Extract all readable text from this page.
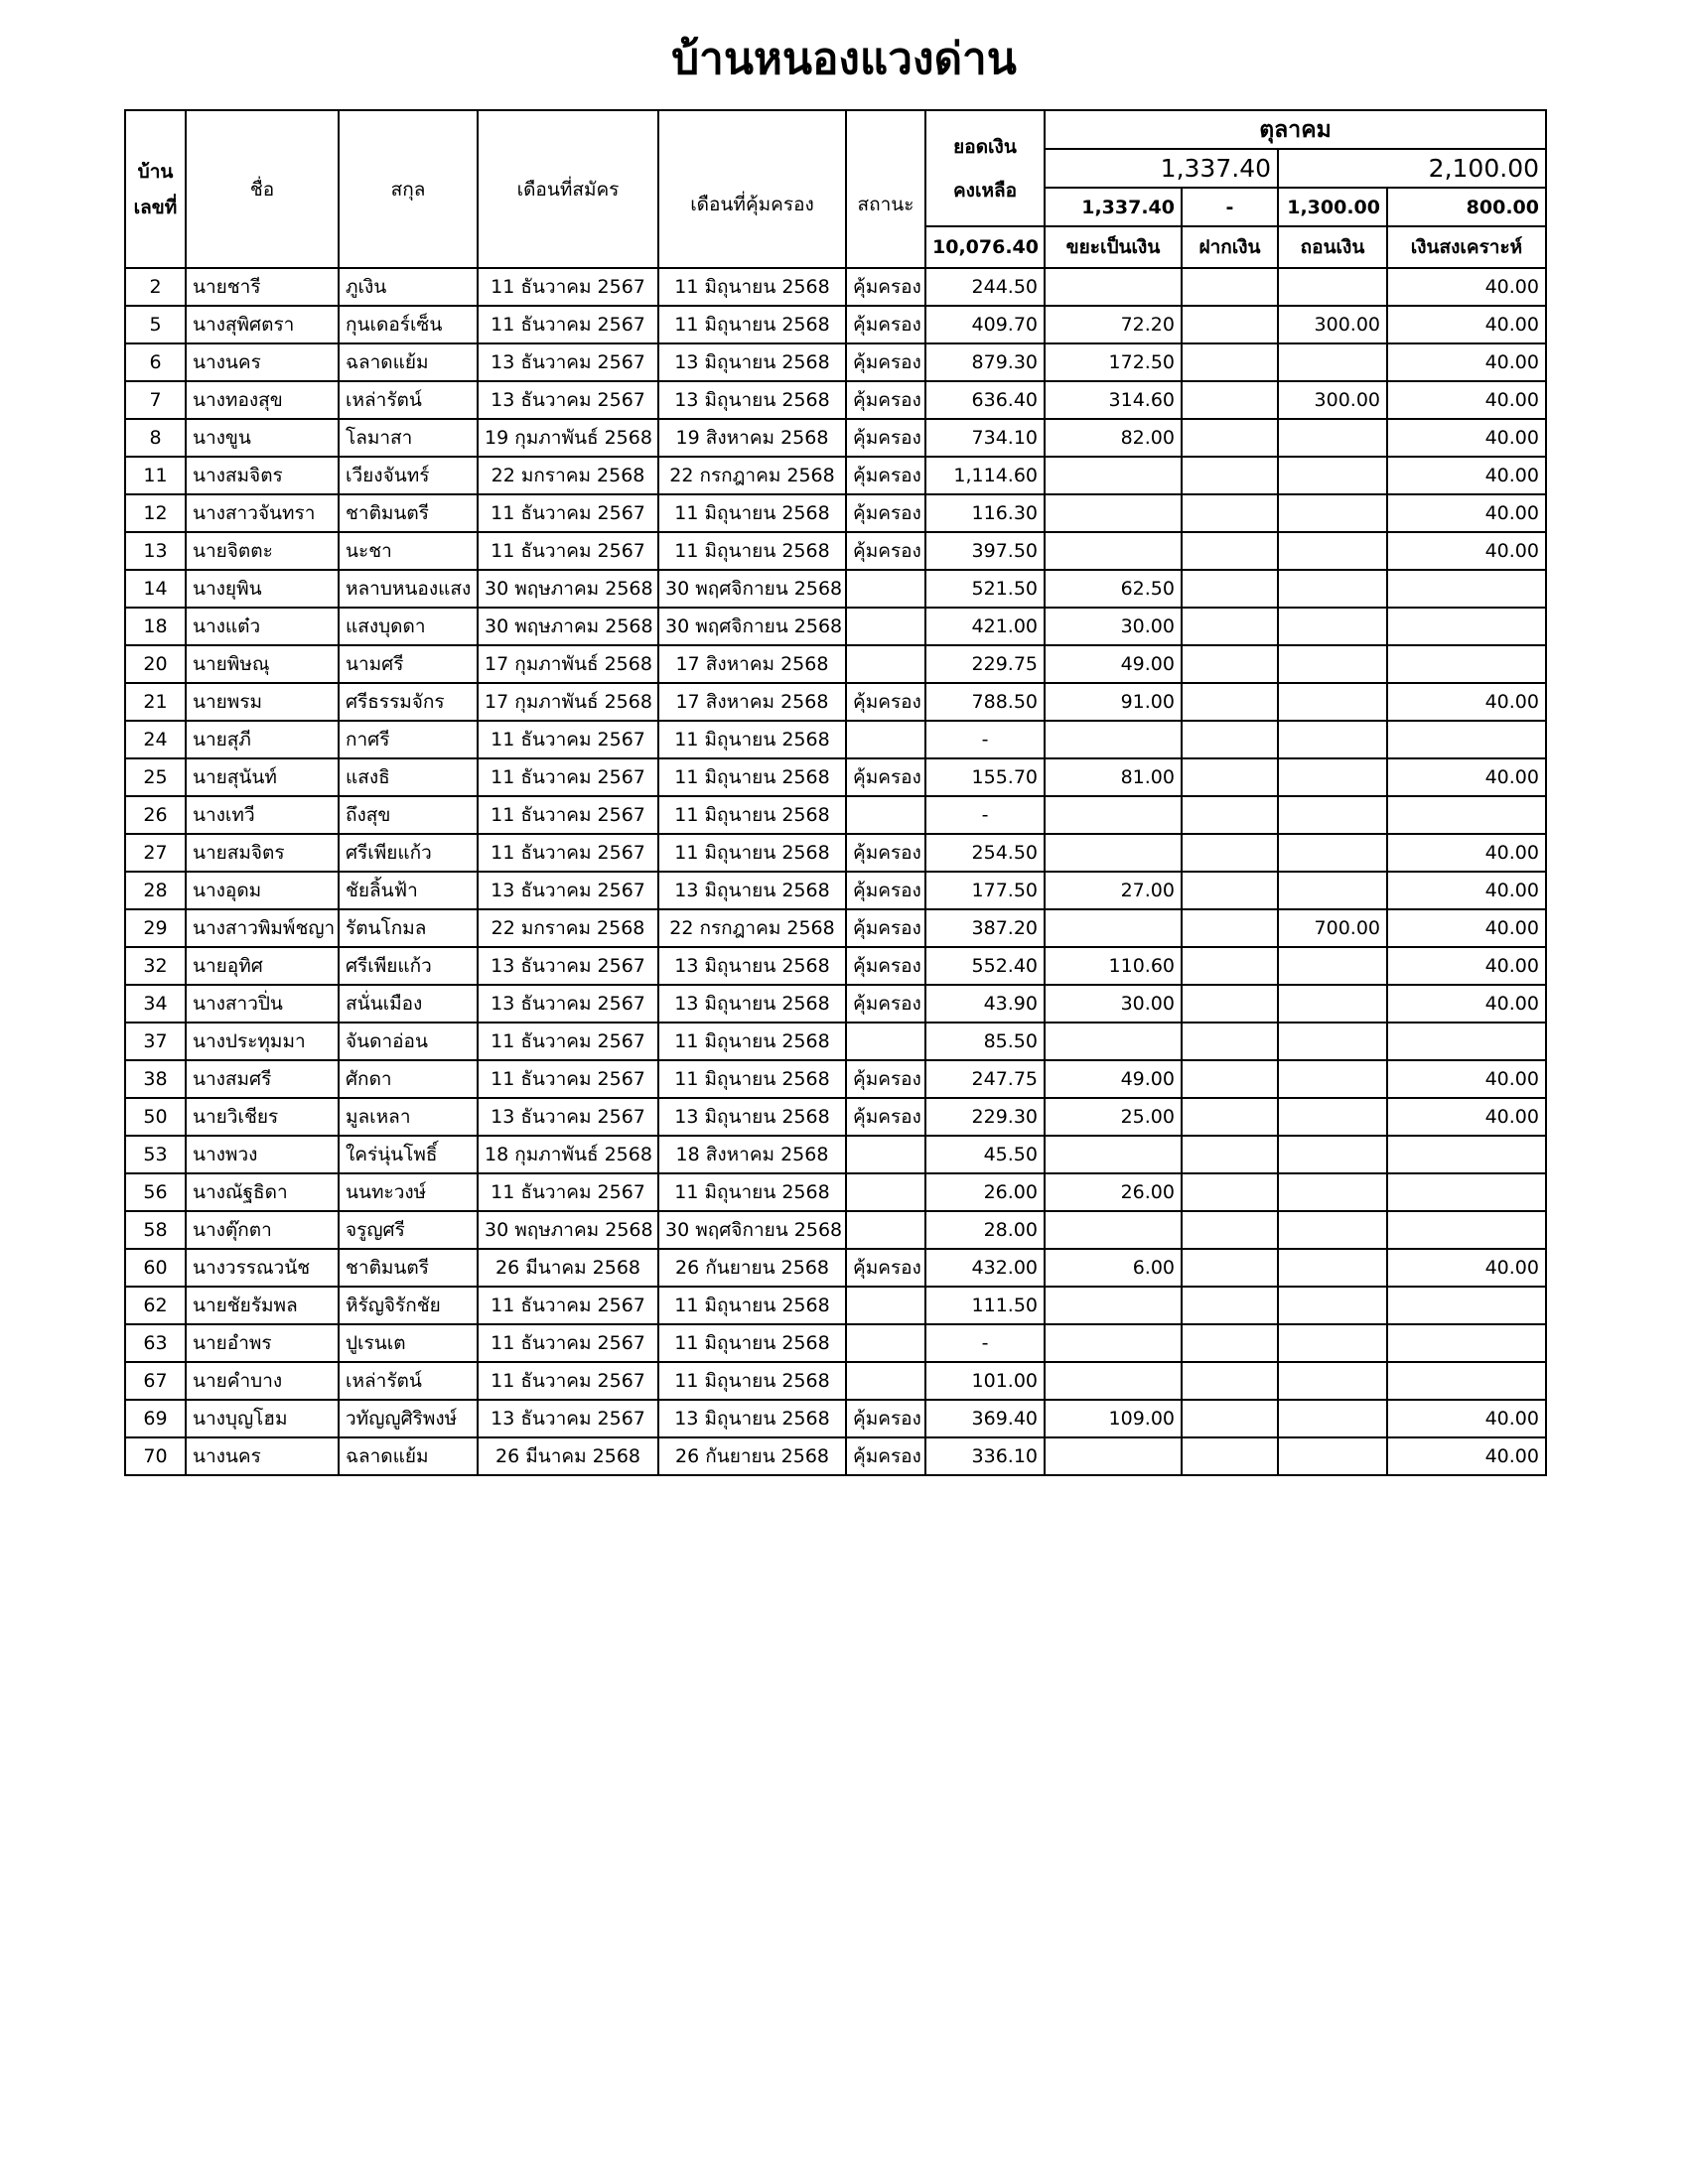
บ้านหนองแวงด่าน
บ้าน
เลขที่	ชื่อ	สกุล	เดือนที่สมัคร	เดือนที่คุ้มครอง	สถานะ	ยอดเงิน
คงเหลือ	ตุลาคม			
							1,337.40		2,100.00	
							1,337.40	-	1,300.00	800.00
						10,076.40	ขยะเป็นเงิน	ฝากเงิน	ถอนเงิน	เงินสงเคราะห์
2	นายชารี	ภูเงิน	11 ธันวาคม 2567	11 มิถุนายน 2568	คุ้มครอง	244.50				40.00
5	นางสุพิศตรา	กุนเดอร์เซ็น	11 ธันวาคม 2567	11 มิถุนายน 2568	คุ้มครอง	409.70	72.20		300.00	40.00
6	นางนคร	ฉลาดแย้ม	13 ธันวาคม 2567	13 มิถุนายน 2568	คุ้มครอง	879.30	172.50			40.00
7	นางทองสุข	เหล่ารัตน์	13 ธันวาคม 2567	13 มิถุนายน 2568	คุ้มครอง	636.40	314.60		300.00	40.00
8	นางขูน	โลมาสา	19 กุมภาพันธ์ 2568	19 สิงหาคม 2568	คุ้มครอง	734.10	82.00			40.00
11	นางสมจิตร	เวียงจันทร์	22 มกราคม 2568	22 กรกฎาคม 2568	คุ้มครอง	1,114.60				40.00
12	นางสาวจันทรา	ชาติมนตรี	11 ธันวาคม 2567	11 มิถุนายน 2568	คุ้มครอง	116.30				40.00
13	นายจิตตะ	นะชา	11 ธันวาคม 2567	11 มิถุนายน 2568	คุ้มครอง	397.50				40.00
14	นางยุพิน	หลาบหนองแสง	30 พฤษภาคม 2568	30 พฤศจิกายน 2568		521.50	62.50			
18	นางแต๋ว	แสงบุดดา	30 พฤษภาคม 2568	30 พฤศจิกายน 2568		421.00	30.00			
20	นายพิษณุ	นามศรี	17 กุมภาพันธ์ 2568	17 สิงหาคม 2568		229.75	49.00			
21	นายพรม	ศรีธรรมจักร	17 กุมภาพันธ์ 2568	17 สิงหาคม 2568	คุ้มครอง	788.50	91.00			40.00
24	นายสุภี	กาศรี	11 ธันวาคม 2567	11 มิถุนายน 2568		-				
25	นายสุนันท์	แสงธิ	11 ธันวาคม 2567	11 มิถุนายน 2568	คุ้มครอง	155.70	81.00			40.00
26	นางเทวี	ถึงสุข	11 ธันวาคม 2567	11 มิถุนายน 2568		-				
27	นายสมจิตร	ศรีเพียแก้ว	11 ธันวาคม 2567	11 มิถุนายน 2568	คุ้มครอง	254.50				40.00
28	นางอุดม	ชัยลิ้นฟ้า	13 ธันวาคม 2567	13 มิถุนายน 2568	คุ้มครอง	177.50	27.00			40.00
29	นางสาวพิมพ์ชญา	รัตนโกมล	22 มกราคม 2568	22 กรกฎาคม 2568	คุ้มครอง	387.20			700.00	40.00
32	นายอุทิศ	ศรีเพียแก้ว	13 ธันวาคม 2567	13 มิถุนายน 2568	คุ้มครอง	552.40	110.60			40.00
34	นางสาวปิ่น	สนั่นเมือง	13 ธันวาคม 2567	13 มิถุนายน 2568	คุ้มครอง	43.90	30.00			40.00
37	นางประทุมมา	จันดาอ่อน	11 ธันวาคม 2567	11 มิถุนายน 2568		85.50				
38	นางสมศรี	ศักดา	11 ธันวาคม 2567	11 มิถุนายน 2568	คุ้มครอง	247.75	49.00			40.00
50	นายวิเชียร	มูลเหลา	13 ธันวาคม 2567	13 มิถุนายน 2568	คุ้มครอง	229.30	25.00			40.00
53	นางพวง	ใคร่นุ่นโพธิ์	18 กุมภาพันธ์ 2568	18 สิงหาคม 2568		45.50				
56	นางณัฐธิดา	นนทะวงษ์	11 ธันวาคม 2567	11 มิถุนายน 2568		26.00	26.00			
58	นางตุ๊กตา	จรูญศรี	30 พฤษภาคม 2568	30 พฤศจิกายน 2568		28.00				
60	นางวรรณวนัช	ชาติมนตรี	26 มีนาคม 2568	26 กันยายน 2568	คุ้มครอง	432.00	6.00			40.00
62	นายชัยรัมพล	หิรัญจิรักชัย	11 ธันวาคม 2567	11 มิถุนายน 2568		111.50				
63	นายอำพร	ปูเรนเต	11 ธันวาคม 2567	11 มิถุนายน 2568		-				
67	นายคำบาง	เหล่ารัตน์	11 ธันวาคม 2567	11 มิถุนายน 2568		101.00				
69	นางบุญโฮม	วทัญญูศิริพงษ์	13 ธันวาคม 2567	13 มิถุนายน 2568	คุ้มครอง	369.40	109.00			40.00
70	นางนคร	ฉลาดแย้ม	26 มีนาคม 2568	26 กันยายน 2568	คุ้มครอง	336.10				40.00
